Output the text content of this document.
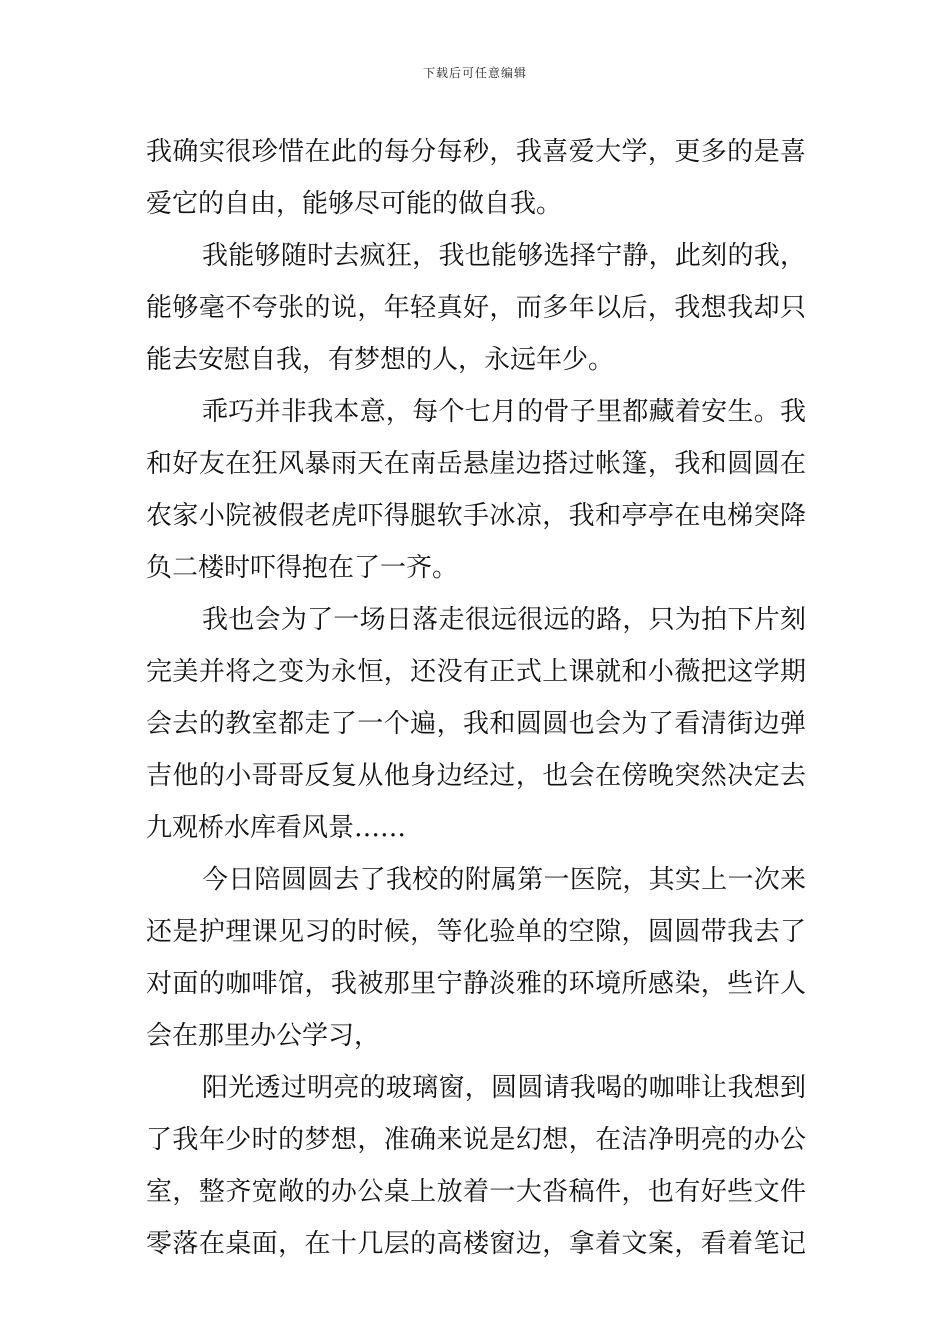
下载后可任意编辑
我确实很珍惜在此的每分每秒，我喜爱大学，更多的是喜
爱它的自由，能够尽可能的做自我。
我能够随时去疯狂，我也能够选择宁静，此刻的我，
能够毫不夸张的说，年轻真好，而多年以后，我想我却只
能去安慰自我，有梦想的人，永远年少。
乖巧并非我本意，每个七月的骨子里都藏着安生。我
和好友在狂风暴雨天在南岳悬崖边搭过帐篷，我和圆圆在
农家小院被假老虎吓得腿软手冰凉，我和亭亭在电梯突降
负二楼时吓得抱在了一齐。
我也会为了一场日落走很远很远的路，只为拍下片刻
完美并将之变为永恒，还没有正式上课就和小薇把这学期
会去的教室都走了一个遍，我和圆圆也会为了看清街边弹
吉他的小哥哥反复从他身边经过，也会在傍晚突然决定去
九观桥水库看风景……
今日陪圆圆去了我校的附属第一医院，其实上一次来
还是护理课见习的时候，等化验单的空隙，圆圆带我去了
对面的咖啡馆，我被那里宁静淡雅的环境所感染，些许人
会在那里办公学习，
阳光透过明亮的玻璃窗，圆圆请我喝的咖啡让我想到
了我年少时的梦想，准确来说是幻想，在洁净明亮的办公
室，整齐宽敞的办公桌上放着一大沓稿件，也有好些文件
零落在桌面，在十几层的高楼窗边，拿着文案，看着笔记
